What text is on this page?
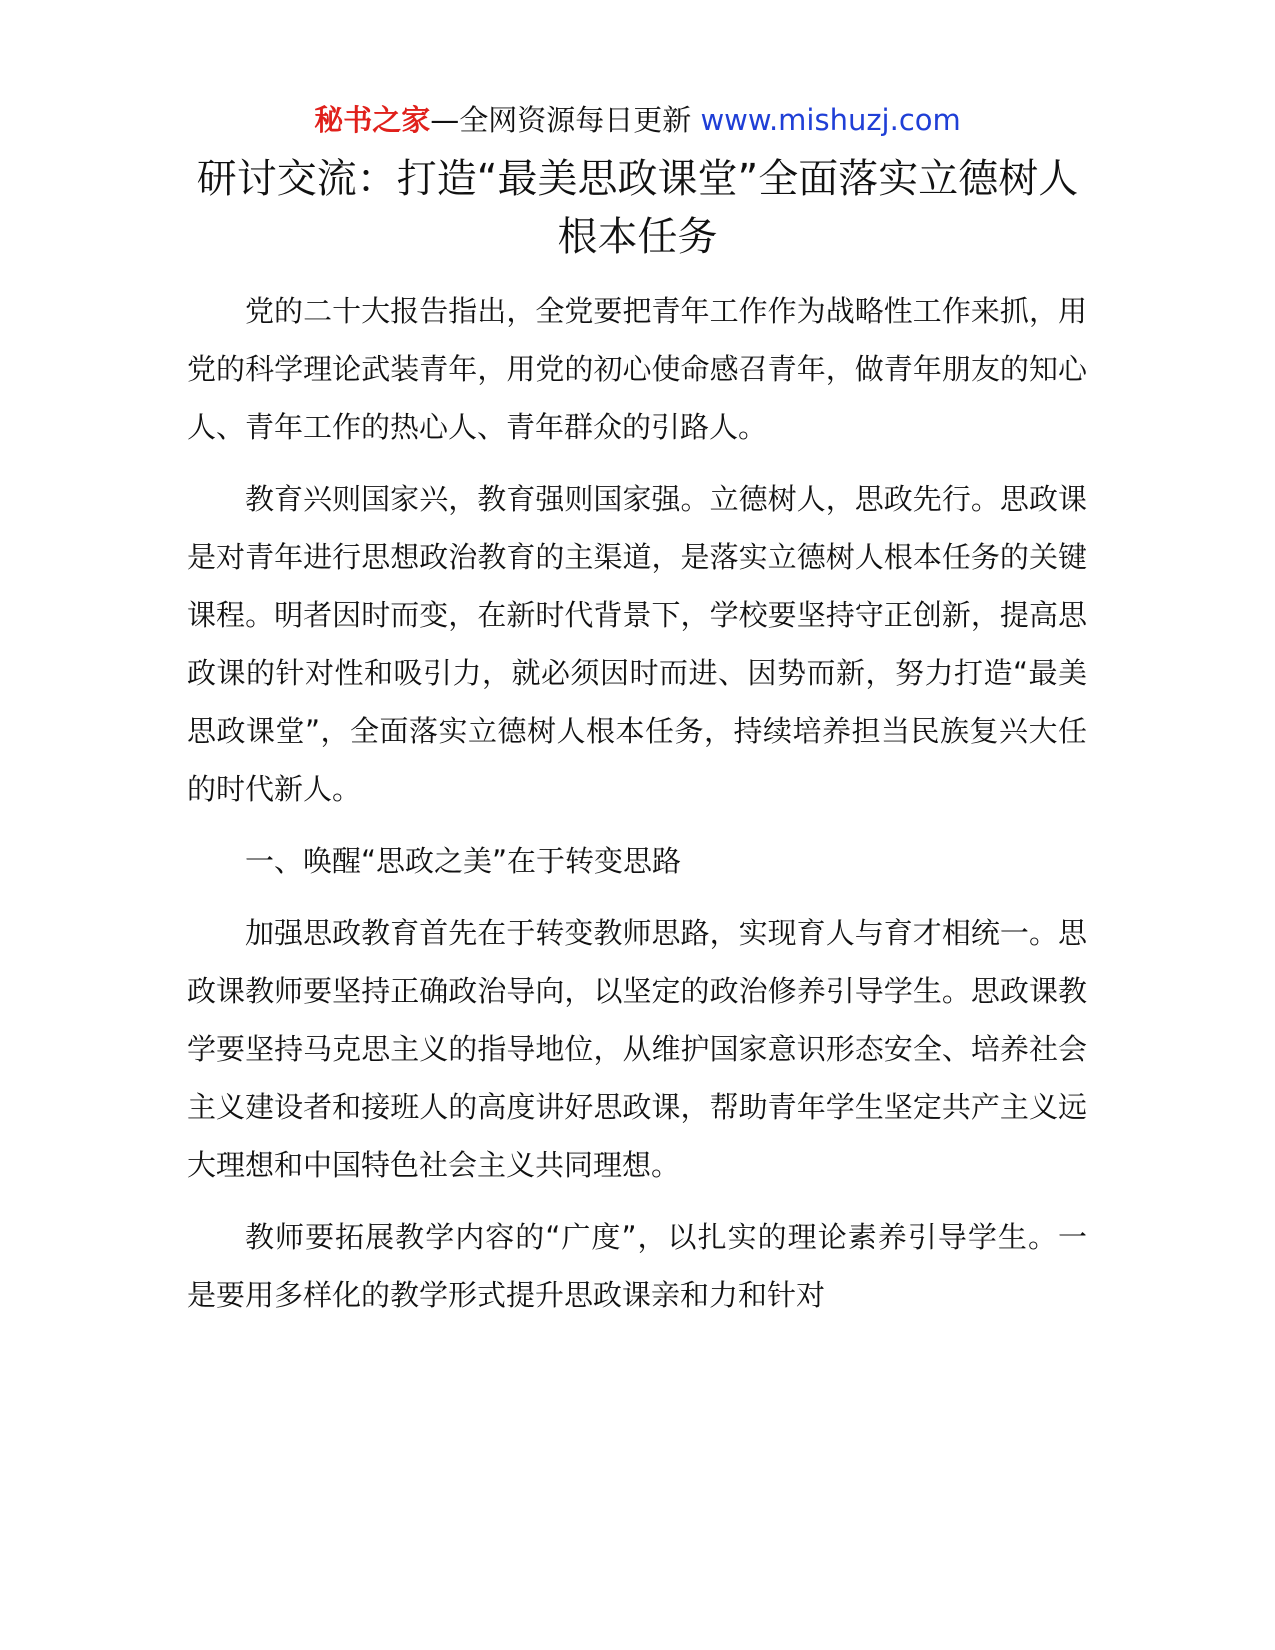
秘书之家—全网资源每日更新 www.mishuzj.com
研讨交流：打造“最美思政课堂”全面落实立德树人根本任务

党的二十大报告指出，全党要把青年工作作为战略性工作来抓，用党的科学理论武装青年，用党的初心使命感召青年，做青年朋友的知心人、青年工作的热心人、青年群众的引路人。

教育兴则国家兴，教育强则国家强。立德树人，思政先行。思政课是对青年进行思想政治教育的主渠道，是落实立德树人根本任务的关键课程。明者因时而变，在新时代背景下，学校要坚持守正创新，提高思政课的针对性和吸引力，就必须因时而进、因势而新，努力打造“最美思政课堂”，全面落实立德树人根本任务，持续培养担当民族复兴大任的时代新人。

一、唤醒“思政之美”在于转变思路

加强思政教育首先在于转变教师思路，实现育人与育才相统一。思政课教师要坚持正确政治导向，以坚定的政治修养引导学生。思政课教学要坚持马克思主义的指导地位，从维护国家意识形态安全、培养社会主义建设者和接班人的高度讲好思政课，帮助青年学生坚定共产主义远大理想和中国特色社会主义共同理想。

教师要拓展教学内容的“广度”，以扎实的理论素养引导学生。一是要用多样化的教学形式提升思政课亲和力和针对
